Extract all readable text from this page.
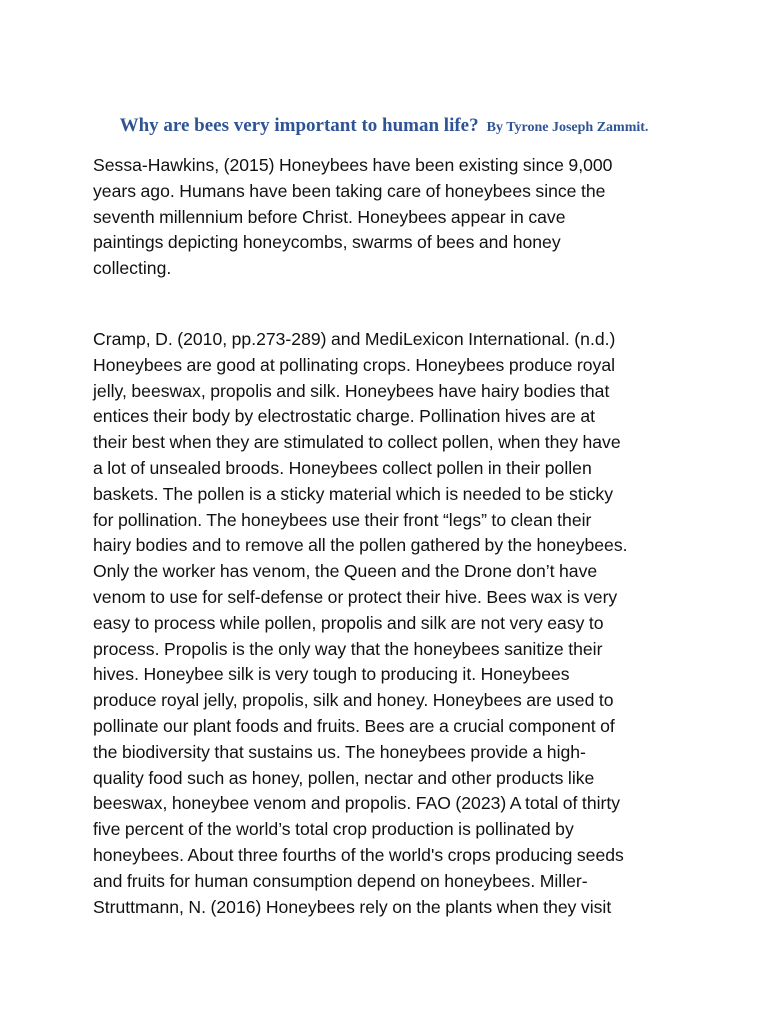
Why are bees very important to human life? By Tyrone Joseph Zammit.

Sessa-Hawkins, (2015) Honeybees have been existing since 9,000
years ago. Humans have been taking care of honeybees since the
seventh millennium before Christ. Honeybees appear in cave
paintings depicting honeycombs, swarms of bees and honey
collecting.

Cramp, D. (2010, pp.273-289) and MediLexicon International. (n.d.)
Honeybees are good at pollinating crops. Honeybees produce royal
jelly, beeswax, propolis and silk. Honeybees have hairy bodies that
entices their body by electrostatic charge. Pollination hives are at
their best when they are stimulated to collect pollen, when they have
a lot of unsealed broods. Honeybees collect pollen in their pollen
baskets. The pollen is a sticky material which is needed to be sticky
for pollination. The honeybees use their front “legs” to clean their
hairy bodies and to remove all the pollen gathered by the honeybees.
Only the worker has venom, the Queen and the Drone don’t have
venom to use for self-defense or protect their hive. Bees wax is very
easy to process while pollen, propolis and silk are not very easy to
process. Propolis is the only way that the honeybees sanitize their
hives. Honeybee silk is very tough to producing it. Honeybees
produce royal jelly, propolis, silk and honey. Honeybees are used to
pollinate our plant foods and fruits. Bees are a crucial component of
the biodiversity that sustains us. The honeybees provide a high-
quality food such as honey, pollen, nectar and other products like
beeswax, honeybee venom and propolis. FAO (2023) A total of thirty
five percent of the world’s total crop production is pollinated by
honeybees. About three fourths of the world's crops producing seeds
and fruits for human consumption depend on honeybees. Miller-
Struttmann, N. (2016) Honeybees rely on the plants when they visit
